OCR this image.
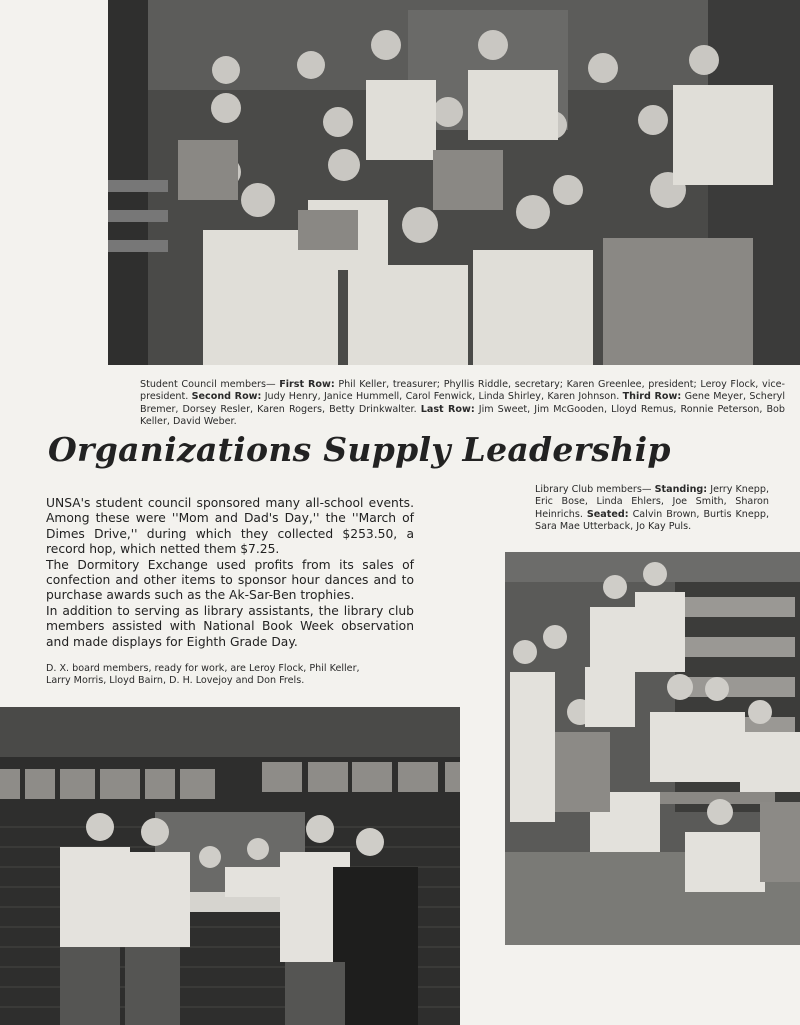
Student Council members— First Row: Phil Keller, treasurer; Phyllis Riddle, secretary; Karen Greenlee, president; Leroy Flock, vice-president. Second Row: Judy Henry, Janice Hummell, Carol Fenwick, Linda Shirley, Karen Johnson. Third Row: Gene Meyer, Scheryl Bremer, Dorsey Resler, Karen Rogers, Betty Drinkwalter. Last Row: Jim Sweet, Jim McGooden, Lloyd Remus, Ronnie Peterson, Bob Keller, David Weber.
Organizations Supply Leadership
Library Club members— Standing: Jerry Knepp, Eric Bose, Linda Ehlers, Joe Smith, Sharon Heinrichs. Seated: Calvin Brown, Burtis Knepp, Sara Mae Utterback, Jo Kay Puls.

UNSA's student council sponsored many all-school events. Among these were ''Mom and Dad's Day,'' the ''March of Dimes Drive,'' during which they collected $253.50, a record hop, which netted them $7.25.

The Dormitory Exchange used profits from its sales of confection and other items to sponsor hour dances and to purchase awards such as the Ak-Sar-Ben trophies.

In addition to serving as library assistants, the library club members assisted with National Book Week observation and made displays for Eighth Grade Day.

D. X. board members, ready for work, are Leroy Flock, Phil Keller, Larry Morris, Lloyd Bairn, D. H. Lovejoy and Don Frels.
